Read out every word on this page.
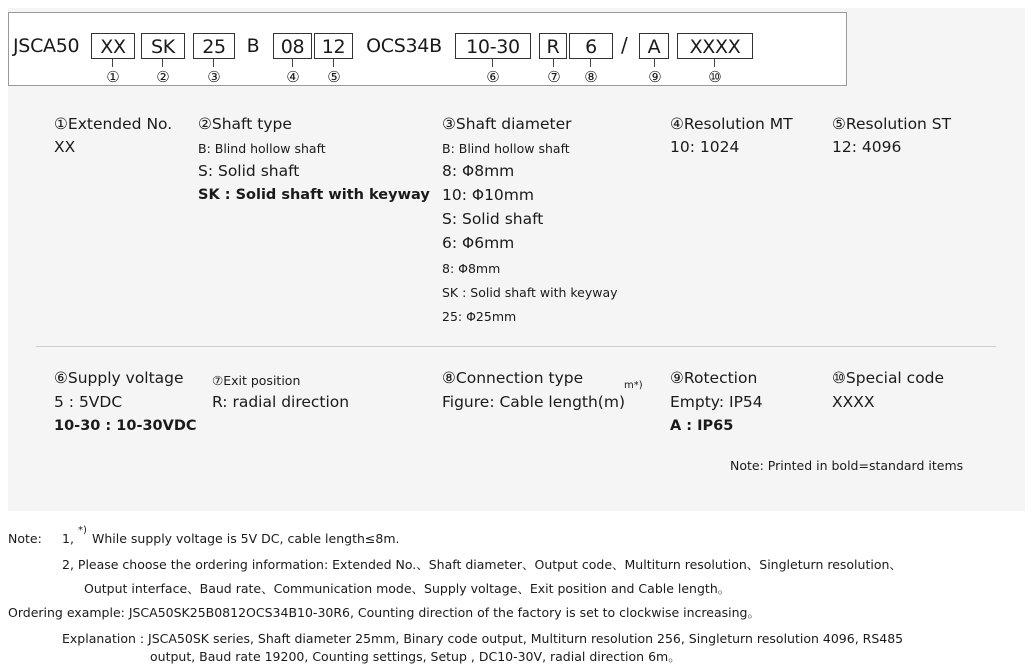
JSCA50	XX
①
SK
②
25
③
B	08
④
12
⑤
OCS34B	10-30
⑥
R
⑦
6
⑧
/	A
⑨
XXXX
⑩
①Extended No.
XX
②Shaft type
B: Blind hollow shaft
S: Solid shaft
SK : Solid shaft with keyway
③Shaft diameter
B: Blind hollow shaft
8: Φ8mm
10: Φ10mm
S: Solid shaft
6: Φ6mm
8: Φ8mm
SK : Solid shaft with keyway
25: Φ25mm
④Resolution MT
10: 1024
⑤Resolution ST
12: 4096
⑥Supply voltage
5 : 5VDC
10-30 : 10-30VDC
⑦Exit position
R: radial direction
⑧Connection type	m*)
Figure: Cable length(m)
⑨Rotection
Empty: IP54
A : IP65
⑩Special code
XXXX
Note: Printed in bold=standard items
Note: 1,
*)
While supply voltage is 5V DC, cable length≤8m.
2, Please choose the ordering information: Extended No.、Shaft diameter、Output code、Multiturn resolution、Singleturn resolution、
Output interface、Baud rate、Communication mode、Supply voltage、Exit position and Cable length。
Ordering example: JSCA50SK25B0812OCS34B10-30R6, Counting direction of the factory is set to clockwise increasing。
Explanation : JSCA50SK series, Shaft diameter 25mm, Binary code output, Multiturn resolution 256, Singleturn resolution 4096, RS485
output, Baud rate 19200, Counting settings, Setup , DC10-30V, radial direction 6m。
